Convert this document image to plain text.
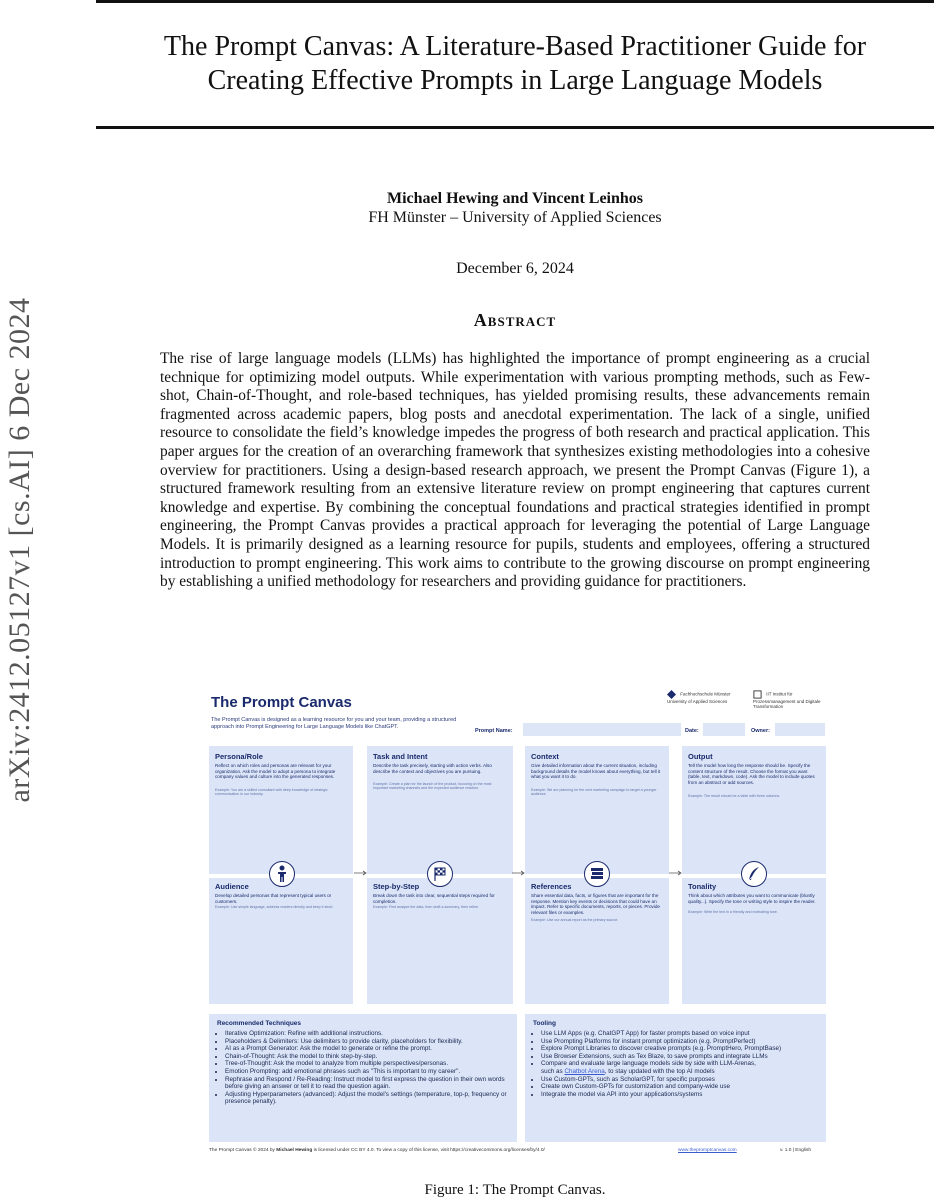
The Prompt Canvas: A Literature-Based Practitioner Guide for
Creating Effective Prompts in Large Language Models
arXiv:2412.05127v1 [cs.AI] 6 Dec 2024
Michael Hewing and Vincent Leinhos
FH Münster – University of Applied Sciences
December 6, 2024
Abstract
The rise of large language models (LLMs) has highlighted the importance of prompt engineering as a crucial technique for optimizing model outputs. While experimentation with various prompting methods, such as Few-shot, Chain-of-Thought, and role-based techniques, has yielded promising results, these advancements remain fragmented across academic papers, blog posts and anecdotal experimentation. The lack of a single, unified resource to consolidate the field’s knowledge impedes the progress of both research and practical application. This paper argues for the creation of an overarching framework that synthesizes existing methodologies into a cohesive overview for practitioners. Using a design-based research approach, we present the Prompt Canvas (Figure 1), a structured framework resulting from an extensive literature review on prompt engineering that captures current knowledge and expertise. By combining the conceptual foundations and practical strategies identified in prompt engineering, the Prompt Canvas provides a practical approach for leveraging the potential of Large Language Models. It is primarily designed as a learning resource for pupils, students and employees, offering a structured introduction to prompt engineering. This work aims to contribute to the growing discourse on prompt engineering by establishing a unified methodology for researchers and providing guidance for practitioners.
The Prompt Canvas
The Prompt Canvas is designed as a learning resource for you and your team, providing a structured approach into Prompt Engineering for Large Language Models like ChatGPT.
Fachhochschule Münster University of Applied Sciences
IIT Institut für Prozessmanagement und Digitale Transformation
Prompt Name:	Date:	Owner:
Persona/Role
Reflect on which roles and personas are relevant for your organization. Ask the model to adopt a persona to integrate company values and culture into the generated responses.
Example: You are a skilled consultant with deep knowledge of strategic communication in our industry.
Task and Intent
Describe the task precisely, starting with action verbs. Also describe the context and objectives you are pursuing.
Example: Create a plan for the launch of the product, focusing on the most important marketing channels and the expected audience reaction.
Context
Give detailed information about the current situation, including background details the model knows about everything, but tell it what you want it to do.
Example: We are planning for the next marketing campaign to target a younger audience.
Output
Tell the model how long the response should be. Specify the content structure of the result. Choose the format you want (table, text, markdown, code). Ask the model to include quotes from an abstract or add sources.
Example: The result should be a table with three columns.
Audience
Develop detailed personas that represent typical users or customers.
Example: Use simple language, address readers directly and keep it short.
Step-by-Step
Break down the task into clear, sequential steps required for completion.
Example: First analyze the data, then draft a summary, then refine.
References
Share essential data, facts, or figures that are important for the response. Mention key events or decisions that could have an impact. Refer to specific documents, reports, or pieces. Provide relevant files or examples.
Example: Use our annual report as the primary source.
Tonality
Think about which attributes you want to communicate (bluntly quality...). Specify the tone or writing style to inspire the reader.
Example: Write the text in a friendly and motivating tone.
Recommended Techniques
• Iterative Optimization: Refine with additional instructions.
• Placeholders & Delimiters: Use delimiters to provide clarity, placeholders for flexibility.
• AI as a Prompt Generator: Ask the model to generate or refine the prompt.
• Chain-of-Thought: Ask the model to think step-by-step.
• Tree-of-Thought: Ask the model to analyze from multiple perspectives/personas.
• Emotion Prompting: add emotional phrases such as "This is important to my career".
• Rephrase and Respond / Re-Reading: Instruct model to first express the question in their own words before giving an answer or tell it to read the question again.
• Adjusting Hyperparameters (advanced): Adjust the model's settings (temperature, top-p, frequency or presence penalty).
Tooling
• Use LLM Apps (e.g. ChatGPT App) for faster prompts based on voice input
• Use Prompting Platforms for instant prompt optimization (e.g. PromptPerfect)
• Explore Prompt Libraries to discover creative prompts (e.g. PromptHero, PromptBase)
• Use Browser Extensions, such as Tex Blaze, to save prompts and integrate LLMs
• Compare and evaluate large language models side by side with LLM-Arenas,
such as Chatbot Arena, to stay updated with the top AI models
• Use Custom-GPTs, such as ScholarGPT, for specific purposes
• Create own Custom-GPTs for customization and company-wide use
• Integrate the model via API into your applications/systems
The Prompt Canvas © 2024 by Michael Hewing is licensed under CC BY 4.0. To view a copy of this license, visit https://creativecommons.org/licenses/by/4.0/	www.thepromptcanvas.com	v. 1.0 | English
Figure 1: The Prompt Canvas.
